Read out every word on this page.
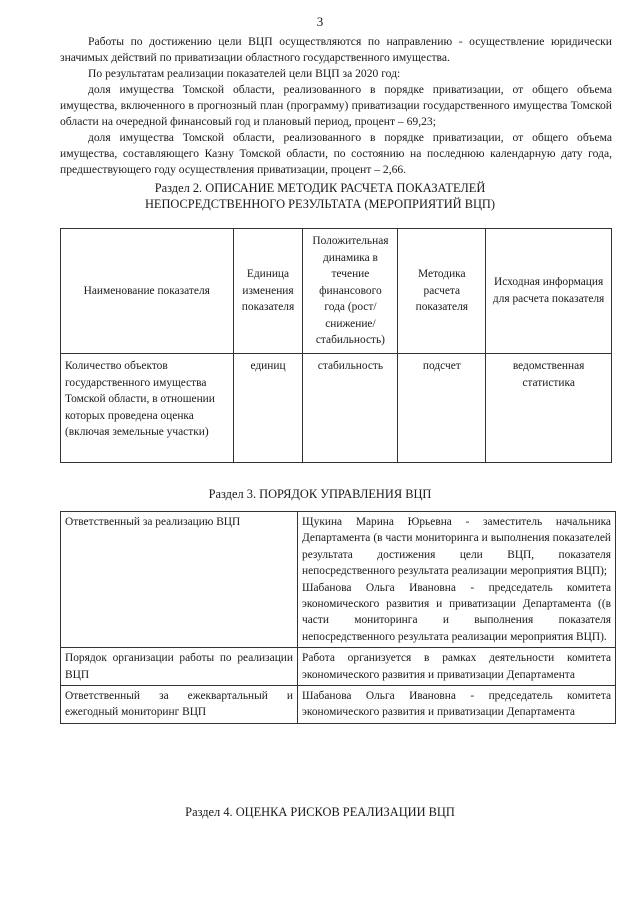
3

Работы по достижению цели ВЦП осуществляются по направлению - осуществление юридически значимых действий по приватизации областного государственного имущества.

По результатам реализации показателей цели ВЦП за 2020 год:

доля имущества Томской области, реализованного в порядке приватизации, от общего объема имущества, включенного в прогнозный план (программу) приватизации государственного имущества Томской области на очередной финансовый год и плановый период, процент – 69,23;

доля имущества Томской области, реализованного в порядке приватизации, от общего объема имущества, составляющего Казну Томской области, по состоянию на последнюю календарную дату года, предшествующего году осуществления приватизации, процент – 2,66.

Раздел 2. ОПИСАНИЕ МЕТОДИК РАСЧЕТА ПОКАЗАТЕЛЕЙ
НЕПОСРЕДСТВЕННОГО РЕЗУЛЬТАТА (МЕРОПРИЯТИЙ ВЦП)
Наименование показателя	Единица изменения показателя	Положительная динамика в течение финансового года (рост/снижение/ стабильность)	Методика расчета показателя	Исходная информация для расчета показателя
Количество объектов государственного имущества Томской области, в отношении которых проведена оценка (включая земельные участки)	единиц	стабильность	подсчет	ведомственная статистика
Раздел 3. ПОРЯДОК УПРАВЛЕНИЯ ВЦП
Ответственный за реализацию ВЦП	Щукина Марина Юрьевна - заместитель начальника Департамента (в части мониторинга и выполнения показателей результата достижения цели ВЦП, показателя непосредственного результата реализации мероприятия ВЦП);
Шабанова Ольга Ивановна - председатель комитета экономического развития и приватизации Департамента ((в части мониторинга и выполнения показателя непосредственного результата реализации мероприятия ВЦП).

Порядок организации работы по реализации ВЦП	Работа организуется в рамках деятельности комитета экономического развития и приватизации Департамента
Ответственный за ежеквартальный и ежегодный мониторинг ВЦП	Шабанова Ольга Ивановна - председатель комитета экономического развития и приватизации Департамента
Раздел 4. ОЦЕНКА РИСКОВ РЕАЛИЗАЦИИ ВЦП
